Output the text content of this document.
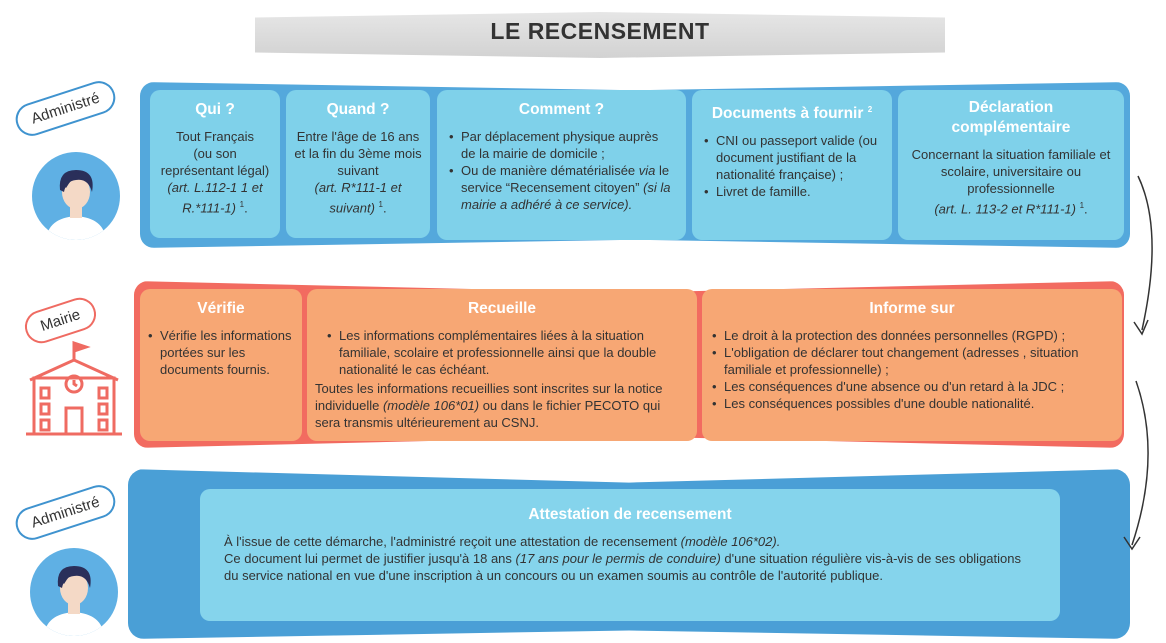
LE RECENSEMENT
Administré
Mairie
Administré
Qui ?
Tout Français
(ou son représentant légal)
(art. L.112-1 1 et R.*111-1) $^1$.
Quand ?
Entre l'âge de 16 ans et la fin du 3ème mois suivant
(art. R*111-1 et suivant) $^1$.
Comment ?
• Par déplacement physique auprès de la mairie de domicile ;
• Ou de manière dématérialisée via le service “Recensement citoyen” (si la mairie a adhéré à ce service).
Documents à fournir $^2$
• CNI ou passeport valide (ou document justifiant de la nationalité française) ;
• Livret de famille.
Déclaration complémentaire
Concernant la situation familiale et scolaire, universitaire ou professionnelle
(art. L. 113-2 et R*111-1) $^1$.
Vérifie
• Vérifie les informations portées sur les documents fournis.
Recueille
• Les informations complémentaires liées à la situation familiale, scolaire et professionnelle ainsi que la double nationalité le cas échéant.
Toutes les informations recueillies sont inscrites sur la notice individuelle (modèle 106*01) ou dans le fichier PECOTO qui sera transmis ultérieurement au CSNJ.
Informe sur
• Le droit à la protection des données personnelles (RGPD) ;
• L'obligation de déclarer tout changement (adresses , situation familiale et professionnelle) ;
• Les conséquences d'une absence ou d'un retard à la JDC ;
• Les conséquences possibles d'une double nationalité.
Attestation de recensement
À l'issue de cette démarche, l'administré reçoit une attestation de recensement (modèle 106*02).
Ce document lui permet de justifier jusqu'à 18 ans (17 ans pour le permis de conduire) d'une situation régulière vis-à-vis de ses obligations du service national en vue d'une inscription à un concours ou un examen soumis au contrôle de l'autorité publique.
